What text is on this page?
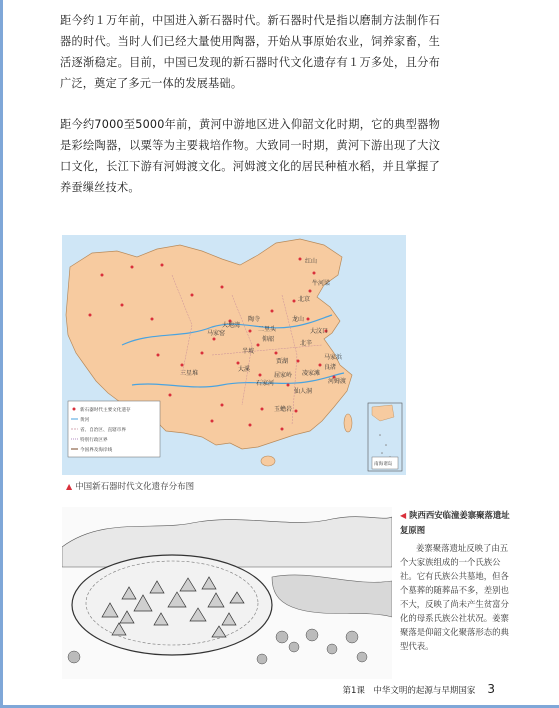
距今约１万年前，中国进入新石器时代。新石器时代是指以磨制方法制作石器的时代。当时人们已经大量使用陶器，开始从事原始农业，饲养家畜，生活逐渐稳定。目前，中国已发现的新石器时代文化遗存有１万多处，且分布广泛，奠定了多元一体的发展基础。
距今约7000至5000年前，黄河中游地区进入仰韶文化时期，它的典型器物是彩绘陶器，以粟等为主要栽培作物。大致同一时期，黄河下游出现了大汶口文化，长江下游有河姆渡文化。河姆渡文化的居民种植水稻，并且掌握了养蚕缫丝技术。
红山
牛河梁
北京
大汶口
龙山
仰韶
半坡
马家窑
大地湾
屈家岭
良渚
河姆渡
马家浜
石家河
大溪
三星堆
仙人洞
玉蟾岩
贾湖
二里头
陶寺
北辛
凌家滩
新石器时代主要文化遗存
黄河
省、自治区、直辖市界
特别行政区界
今国界及海岸线
南海诸岛
▲ 中国新石器时代文化遗存分布图
◀ 陕西西安临潼姜寨聚落遗址复原图
姜寨聚落遗址反映了由五个大家族组成的一个氏族公社。它有氏族公共墓地，但各个墓葬的随葬品不多，差别也不大，反映了尚未产生贫富分化的母系氏族公社状况。姜寨聚落是仰韶文化聚落形态的典型代表。
第1课　中华文明的起源与早期国家 3
